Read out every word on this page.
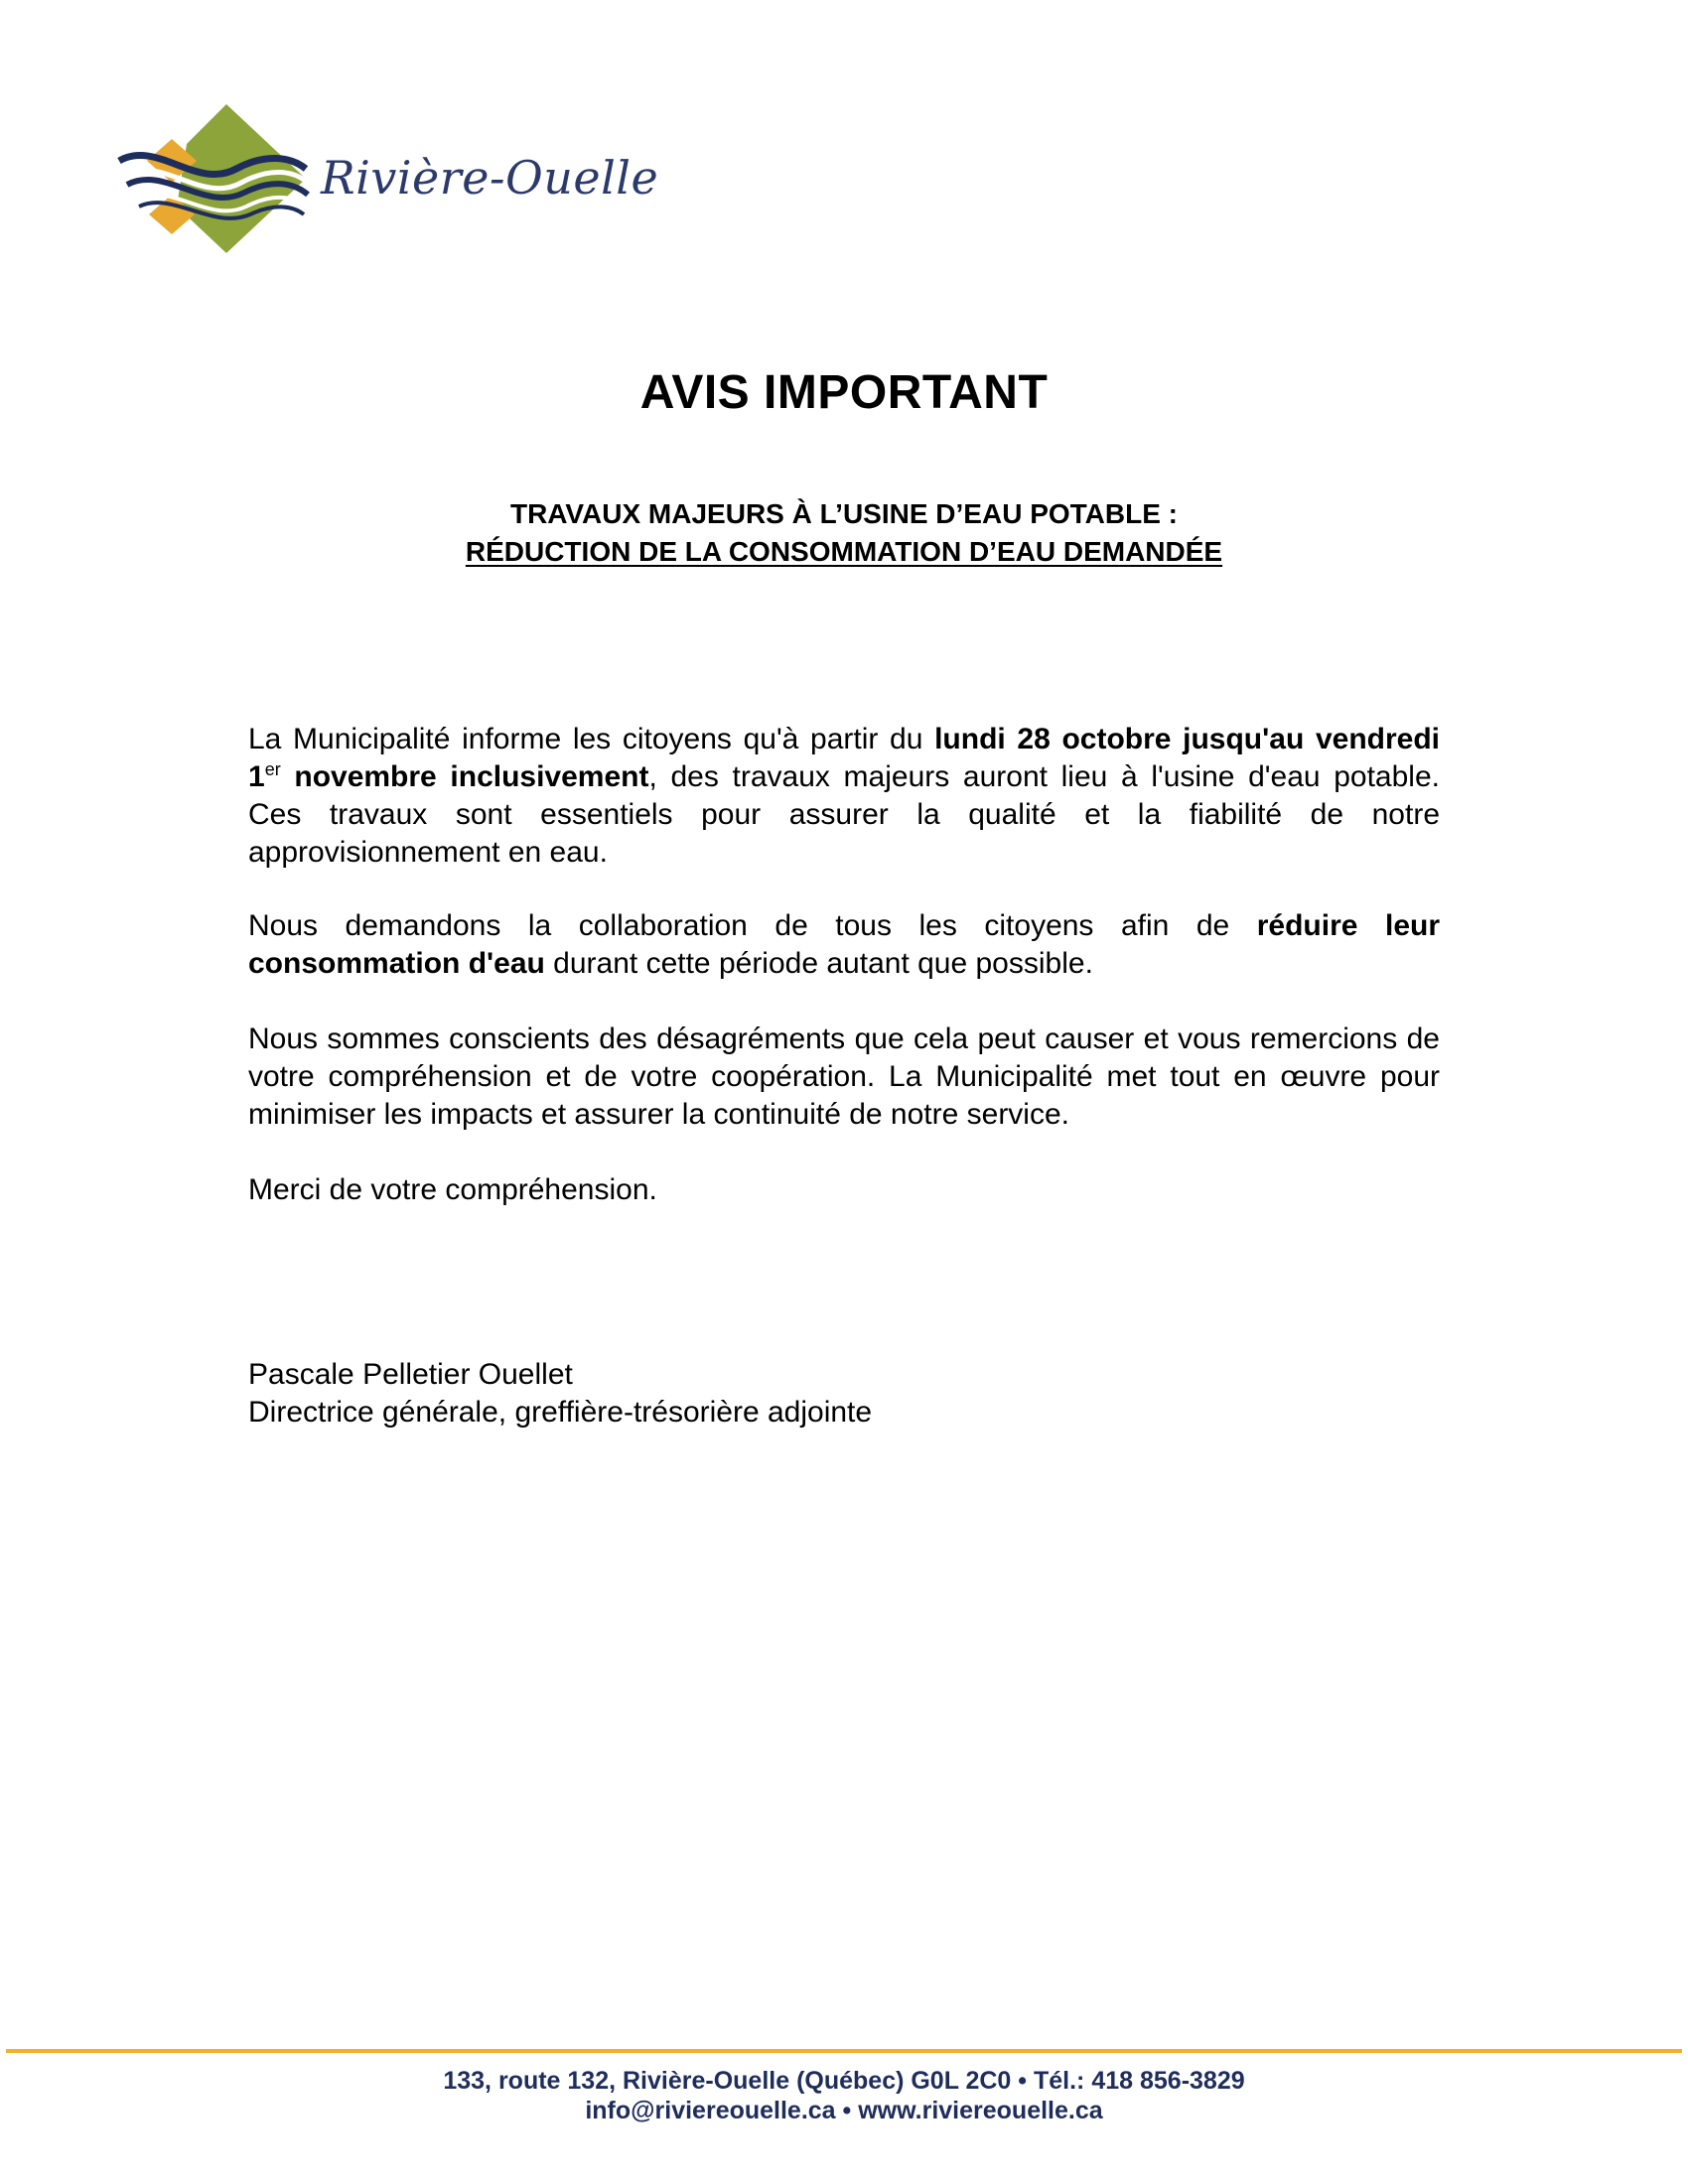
Rivière-Ouelle
AVIS IMPORTANT
TRAVAUX MAJEURS À L’USINE D’EAU POTABLE :
RÉDUCTION DE LA CONSOMMATION D’EAU DEMANDÉE
La Municipalité informe les citoyens qu'à partir du lundi 28 octobre jusqu'au vendredi 1er novembre inclusivement, des travaux majeurs auront lieu à l'usine d'eau potable. Ces travaux sont essentiels pour assurer la qualité et la fiabilité de notre approvisionnement en eau.
Nous demandons la collaboration de tous les citoyens afin de réduire leur consommation d'eau durant cette période autant que possible.
Nous sommes conscients des désagréments que cela peut causer et vous remercions de votre compréhension et de votre coopération. La Municipalité met tout en œuvre pour minimiser les impacts et assurer la continuité de notre service.
Merci de votre compréhension.
Pascale Pelletier Ouellet
Directrice générale, greffière-trésorière adjointe
133, route 132, Rivière-Ouelle (Québec) G0L 2C0 • Tél.: 418 856-3829
info@riviereouelle.ca • www.riviereouelle.ca
